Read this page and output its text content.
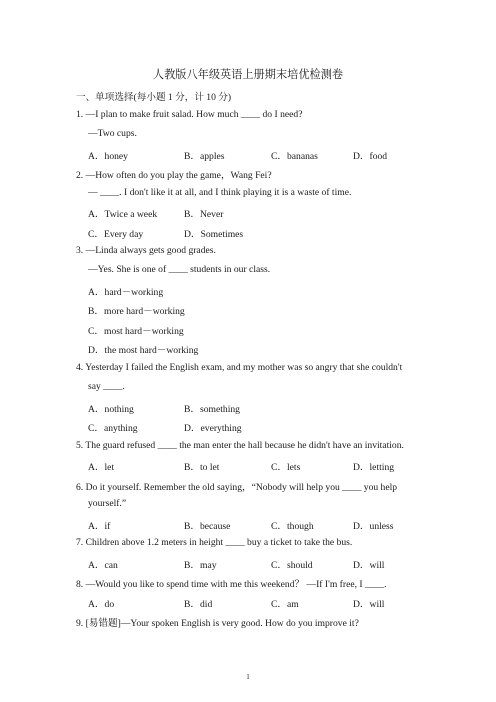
人教版八年级英语上册期末培优检测卷
一、单项选择(每小题 1 分，计 10 分)
1. —I plan to make fruit salad. How much ____ do I need?
—Two cups.
A．honey	B．apples	C．bananas	D．food
2. —How often do you play the game，Wang Fei?
— ____. I don't like it at all, and I think playing it is a waste of time.
A．Twice a week	B．Never
C．Every day	D．Sometimes
3. —Linda always gets good grades.
—Yes. She is one of ____ students in our class.
A．hard－working
B．more hard－working
C．most hard－working
D．the most hard－working
4. Yesterday I failed the English exam, and my mother was so angry that she couldn't
say ____.
A．nothing	B．something
C．anything	D．everything
5. The guard refused ____ the man enter the hall because he didn't have an invitation.
A．let	B．to let	C．lets	D．letting
6. Do it yourself. Remember the old saying，“Nobody will help you ____ you help
yourself.”
A．if	B．because	C．though	D．unless
7. Children above 1.2 meters in height ____ buy a ticket to take the bus.
A．can	B．may	C．should	D．will
8. —Would you like to spend time with me this weekend？ —If I'm free, I ____.
A．do	B．did	C．am	D．will
9. [易错题]—Your spoken English is very good. How do you improve it?
1
